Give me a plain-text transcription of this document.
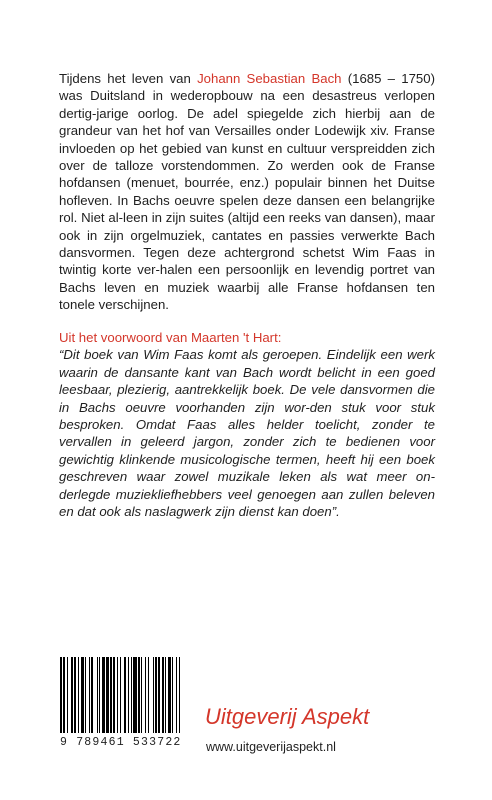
Tijdens het leven van Johann Sebastian Bach (1685 – 1750) was Duitsland in wederopbouw na een desastreus verlopen dertig-jarige oorlog. De adel spiegelde zich hierbij aan de grandeur van het hof van Versailles onder Lodewijk xiv. Franse invloeden op het gebied van kunst en cultuur verspreidden zich over de talloze vorstendommen. Zo werden ook de Franse hofdansen (menuet, bourrée, enz.) populair binnen het Duitse hofleven. In Bachs oeuvre spelen deze dansen een belangrijke rol. Niet al-leen in zijn suites (altijd een reeks van dansen), maar ook in zijn orgelmuziek, cantates en passies verwerkte Bach dansvormen. Tegen deze achtergrond schetst Wim Faas in twintig korte ver-halen een persoonlijk en levendig portret van Bachs leven en muziek waarbij alle Franse hofdansen ten tonele verschijnen.

Uit het voorwoord van Maarten 't Hart:

“Dit boek van Wim Faas komt als geroepen. Eindelijk een werk waarin de dansante kant van Bach wordt belicht in een goed leesbaar, plezierig, aantrekkelijk boek. De vele dansvormen die in Bachs oeuvre voorhanden zijn wor-den stuk voor stuk besproken. Omdat Faas alles helder toelicht, zonder te vervallen in geleerd jargon, zonder zich te bedienen voor gewichtig klinkende musicologische termen, heeft hij een boek geschreven waar zowel muzikale leken als wat meer on-derlegde muziekliefhebbers veel genoegen aan zullen beleven en dat ook als naslagwerk zijn dienst kan doen”.

9 789461 533722
Uitgeverij Aspekt
www.uitgeverijaspekt.nl
